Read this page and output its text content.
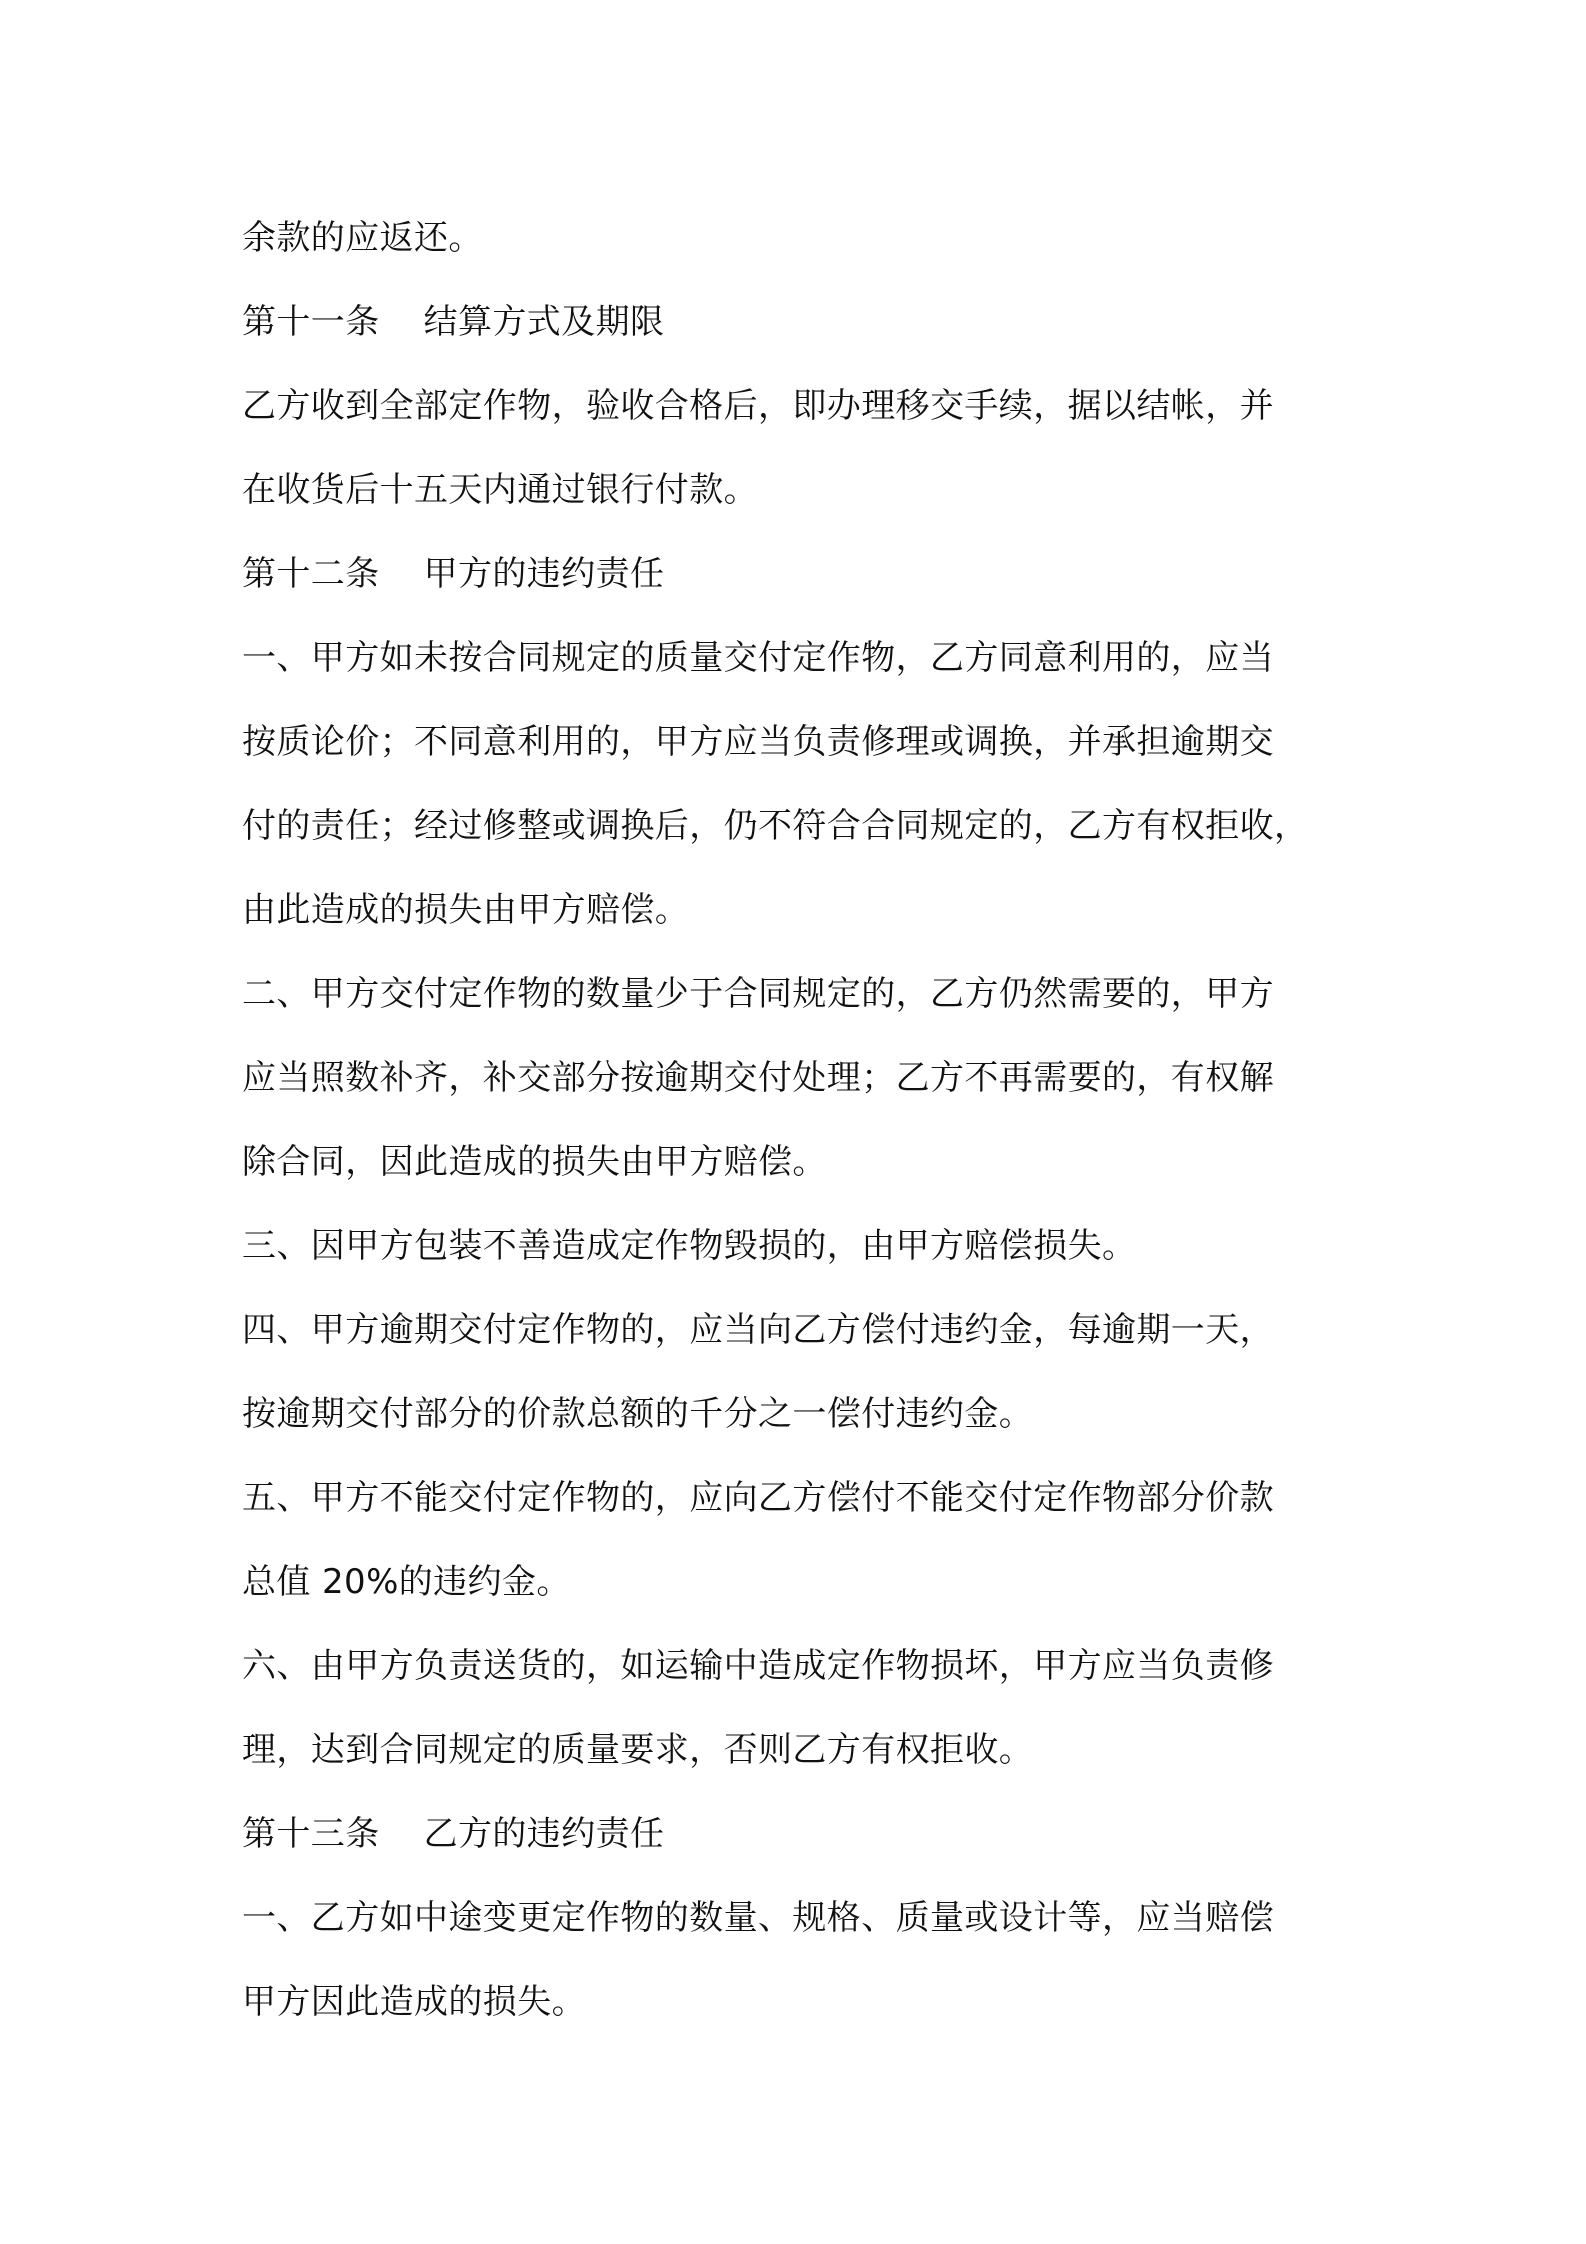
余款的应返还。
第十一条 结算方式及期限
乙方收到全部定作物，验收合格后，即办理移交手续，据以结帐，并
在收货后十五天内通过银行付款。
第十二条 甲方的违约责任
一、甲方如未按合同规定的质量交付定作物，乙方同意利用的，应当
按质论价；不同意利用的，甲方应当负责修理或调换，并承担逾期交
付的责任；经过修整或调换后，仍不符合合同规定的，乙方有权拒收，
由此造成的损失由甲方赔偿。
二、甲方交付定作物的数量少于合同规定的，乙方仍然需要的，甲方
应当照数补齐，补交部分按逾期交付处理；乙方不再需要的，有权解
除合同，因此造成的损失由甲方赔偿。
三、因甲方包装不善造成定作物毁损的，由甲方赔偿损失。
四、甲方逾期交付定作物的，应当向乙方偿付违约金，每逾期一天，
按逾期交付部分的价款总额的千分之一偿付违约金。
五、甲方不能交付定作物的，应向乙方偿付不能交付定作物部分价款
总值 20%的违约金。
六、由甲方负责送货的，如运输中造成定作物损坏，甲方应当负责修
理，达到合同规定的质量要求，否则乙方有权拒收。
第十三条 乙方的违约责任
一、乙方如中途变更定作物的数量、规格、质量或设计等，应当赔偿
甲方因此造成的损失。
